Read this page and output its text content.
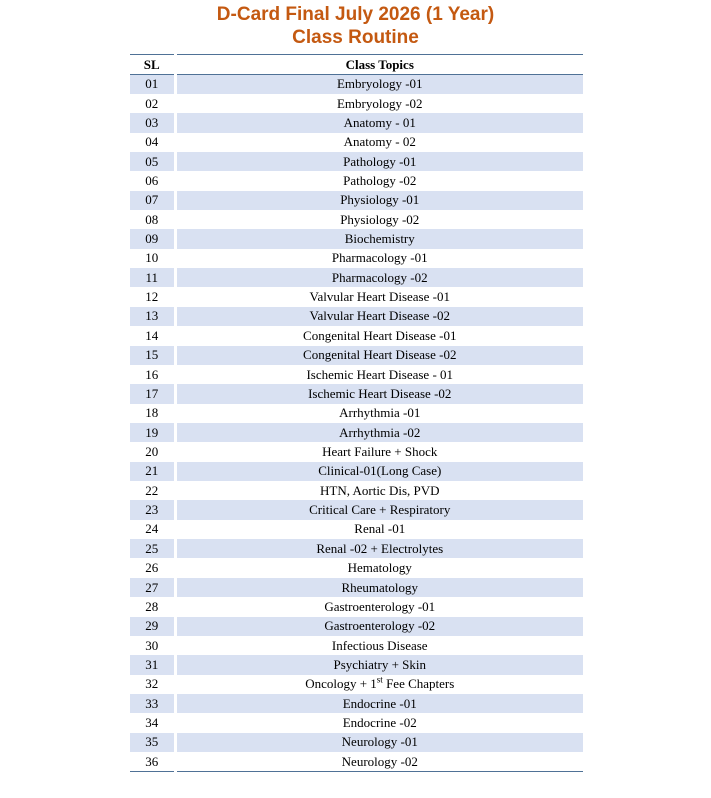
D-Card Final July 2026 (1 Year)
Class Routine
SL	Class Topics
01	Embryology -01
02	Embryology -02
03	Anatomy - 01
04	Anatomy - 02
05	Pathology -01
06	Pathology -02
07	Physiology -01
08	Physiology -02
09	Biochemistry
10	Pharmacology -01
11	Pharmacology -02
12	Valvular Heart Disease -01
13	Valvular Heart Disease -02
14	Congenital Heart Disease -01
15	Congenital Heart Disease -02
16	Ischemic Heart Disease - 01
17	Ischemic Heart Disease -02
18	Arrhythmia -01
19	Arrhythmia -02
20	Heart Failure + Shock
21	Clinical-01(Long Case)
22	HTN, Aortic Dis, PVD
23	Critical Care + Respiratory
24	Renal -01
25	Renal -02 + Electrolytes
26	Hematology
27	Rheumatology
28	Gastroenterology -01
29	Gastroenterology -02
30	Infectious Disease
31	Psychiatry + Skin
32	Oncology + 1st Fee Chapters
33	Endocrine -01
34	Endocrine -02
35	Neurology -01
36	Neurology -02
